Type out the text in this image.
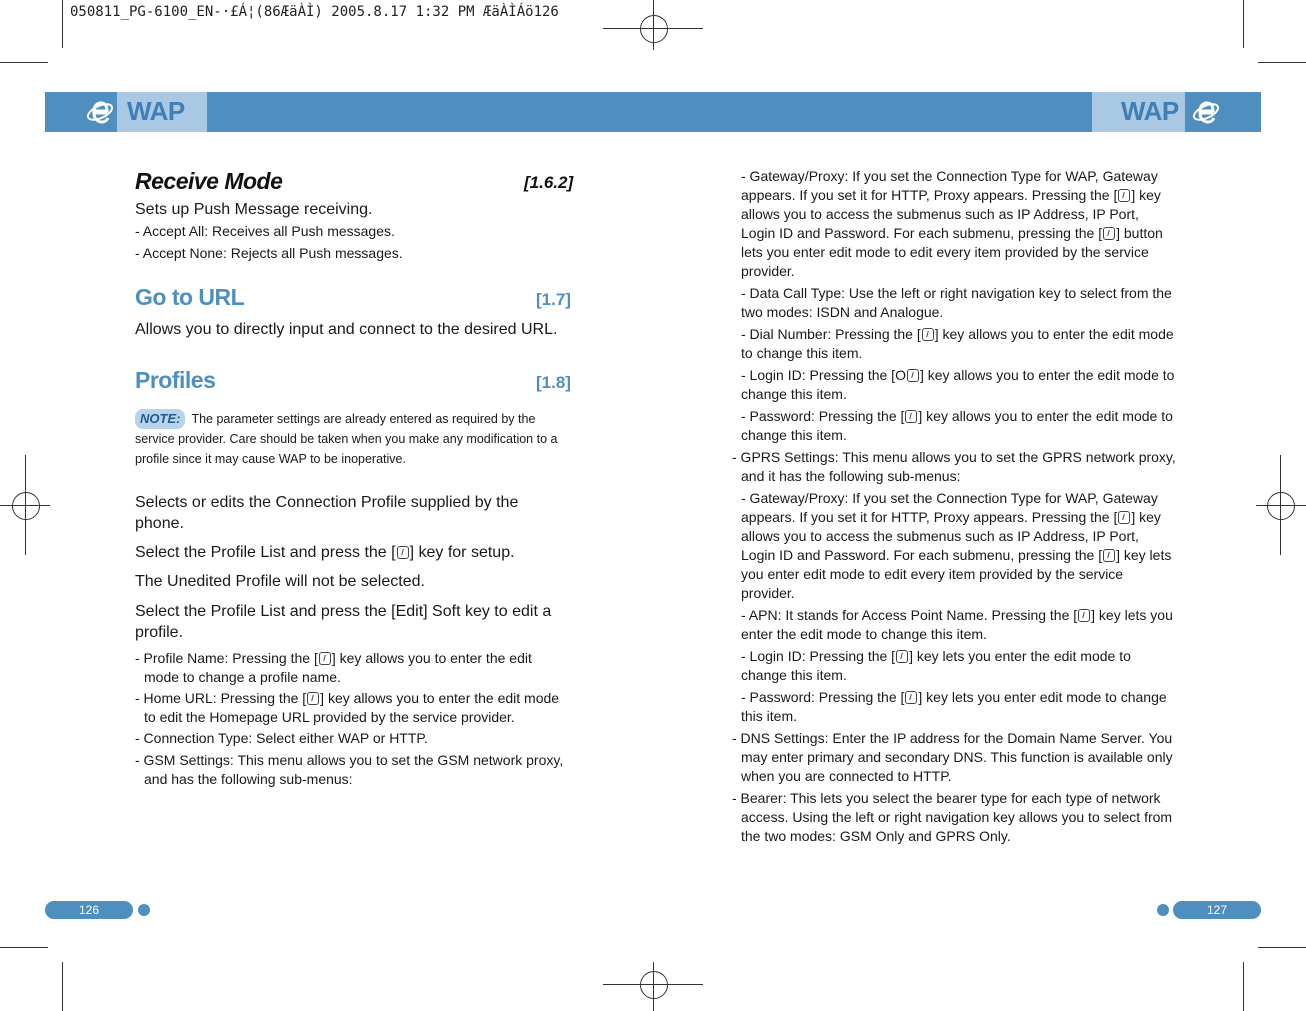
050811_PG-6100_EN-·£Á¦(86ÆäÀÌ) 2005.8.17 1:32 PM ÆäÀÌÁö126
WAP	WAP
Receive Mode	[1.6.2]
Sets up Push Message receiving.
- Accept All: Receives all Push messages.
- Accept None: Rejects all Push messages.
Go to URL	[1.7]
Allows you to directly input and connect to the desired URL.
Profiles	[1.8]
NOTE: The parameter settings are already entered as required by the service provider. Care should be taken when you make any modification to a profile since it may cause WAP to be inoperative.
Selects or edits the Connection Profile supplied by the phone.
Select the Profile List and press the [ ] key for setup.
The Unedited Profile will not be selected.
Select the Profile List and press the [Edit] Soft key to edit a profile.
- Profile Name: Pressing the [ ] key allows you to enter the edit mode to change a profile name.
- Home URL: Pressing the [ ] key allows you to enter the edit mode to edit the Homepage URL provided by the service provider.
- Connection Type: Select either WAP or HTTP.
- GSM Settings: This menu allows you to set the GSM network proxy, and has the following sub-menus:
- Gateway/Proxy: If you set the Connection Type for WAP, Gateway appears. If you set it for HTTP, Proxy appears. Pressing the [ ] key allows you to access the submenus such as IP Address, IP Port, Login ID and Password. For each submenu, pressing the [ ] button lets you enter edit mode to edit every item provided by the service provider.
- Data Call Type: Use the left or right navigation key to select from the two modes: ISDN and Analogue.
- Dial Number: Pressing the [ ] key allows you to enter the edit mode to change this item.
- Login ID: Pressing the [O ] key allows you to enter the edit mode to change this item.
- Password: Pressing the [ ] key allows you to enter the edit mode to change this item.
- GPRS Settings: This menu allows you to set the GPRS network proxy, and it has the following sub-menus:
- Gateway/Proxy: If you set the Connection Type for WAP, Gateway appears. If you set it for HTTP, Proxy appears. Pressing the [ ] key allows you to access the submenus such as IP Address, IP Port, Login ID and Password. For each submenu, pressing the [ ] key lets you enter edit mode to edit every item provided by the service provider.
- APN: It stands for Access Point Name. Pressing the [ ] key lets you enter the edit mode to change this item.
- Login ID: Pressing the [ ] key lets you enter the edit mode to change this item.
- Password: Pressing the [ ] key lets you enter edit mode to change this item.
- DNS Settings: Enter the IP address for the Domain Name Server. You may enter primary and secondary DNS. This function is available only when you are connected to HTTP.
- Bearer: This lets you select the bearer type for each type of network access. Using the left or right navigation key allows you to select from the two modes: GSM Only and GPRS Only.
126	127
